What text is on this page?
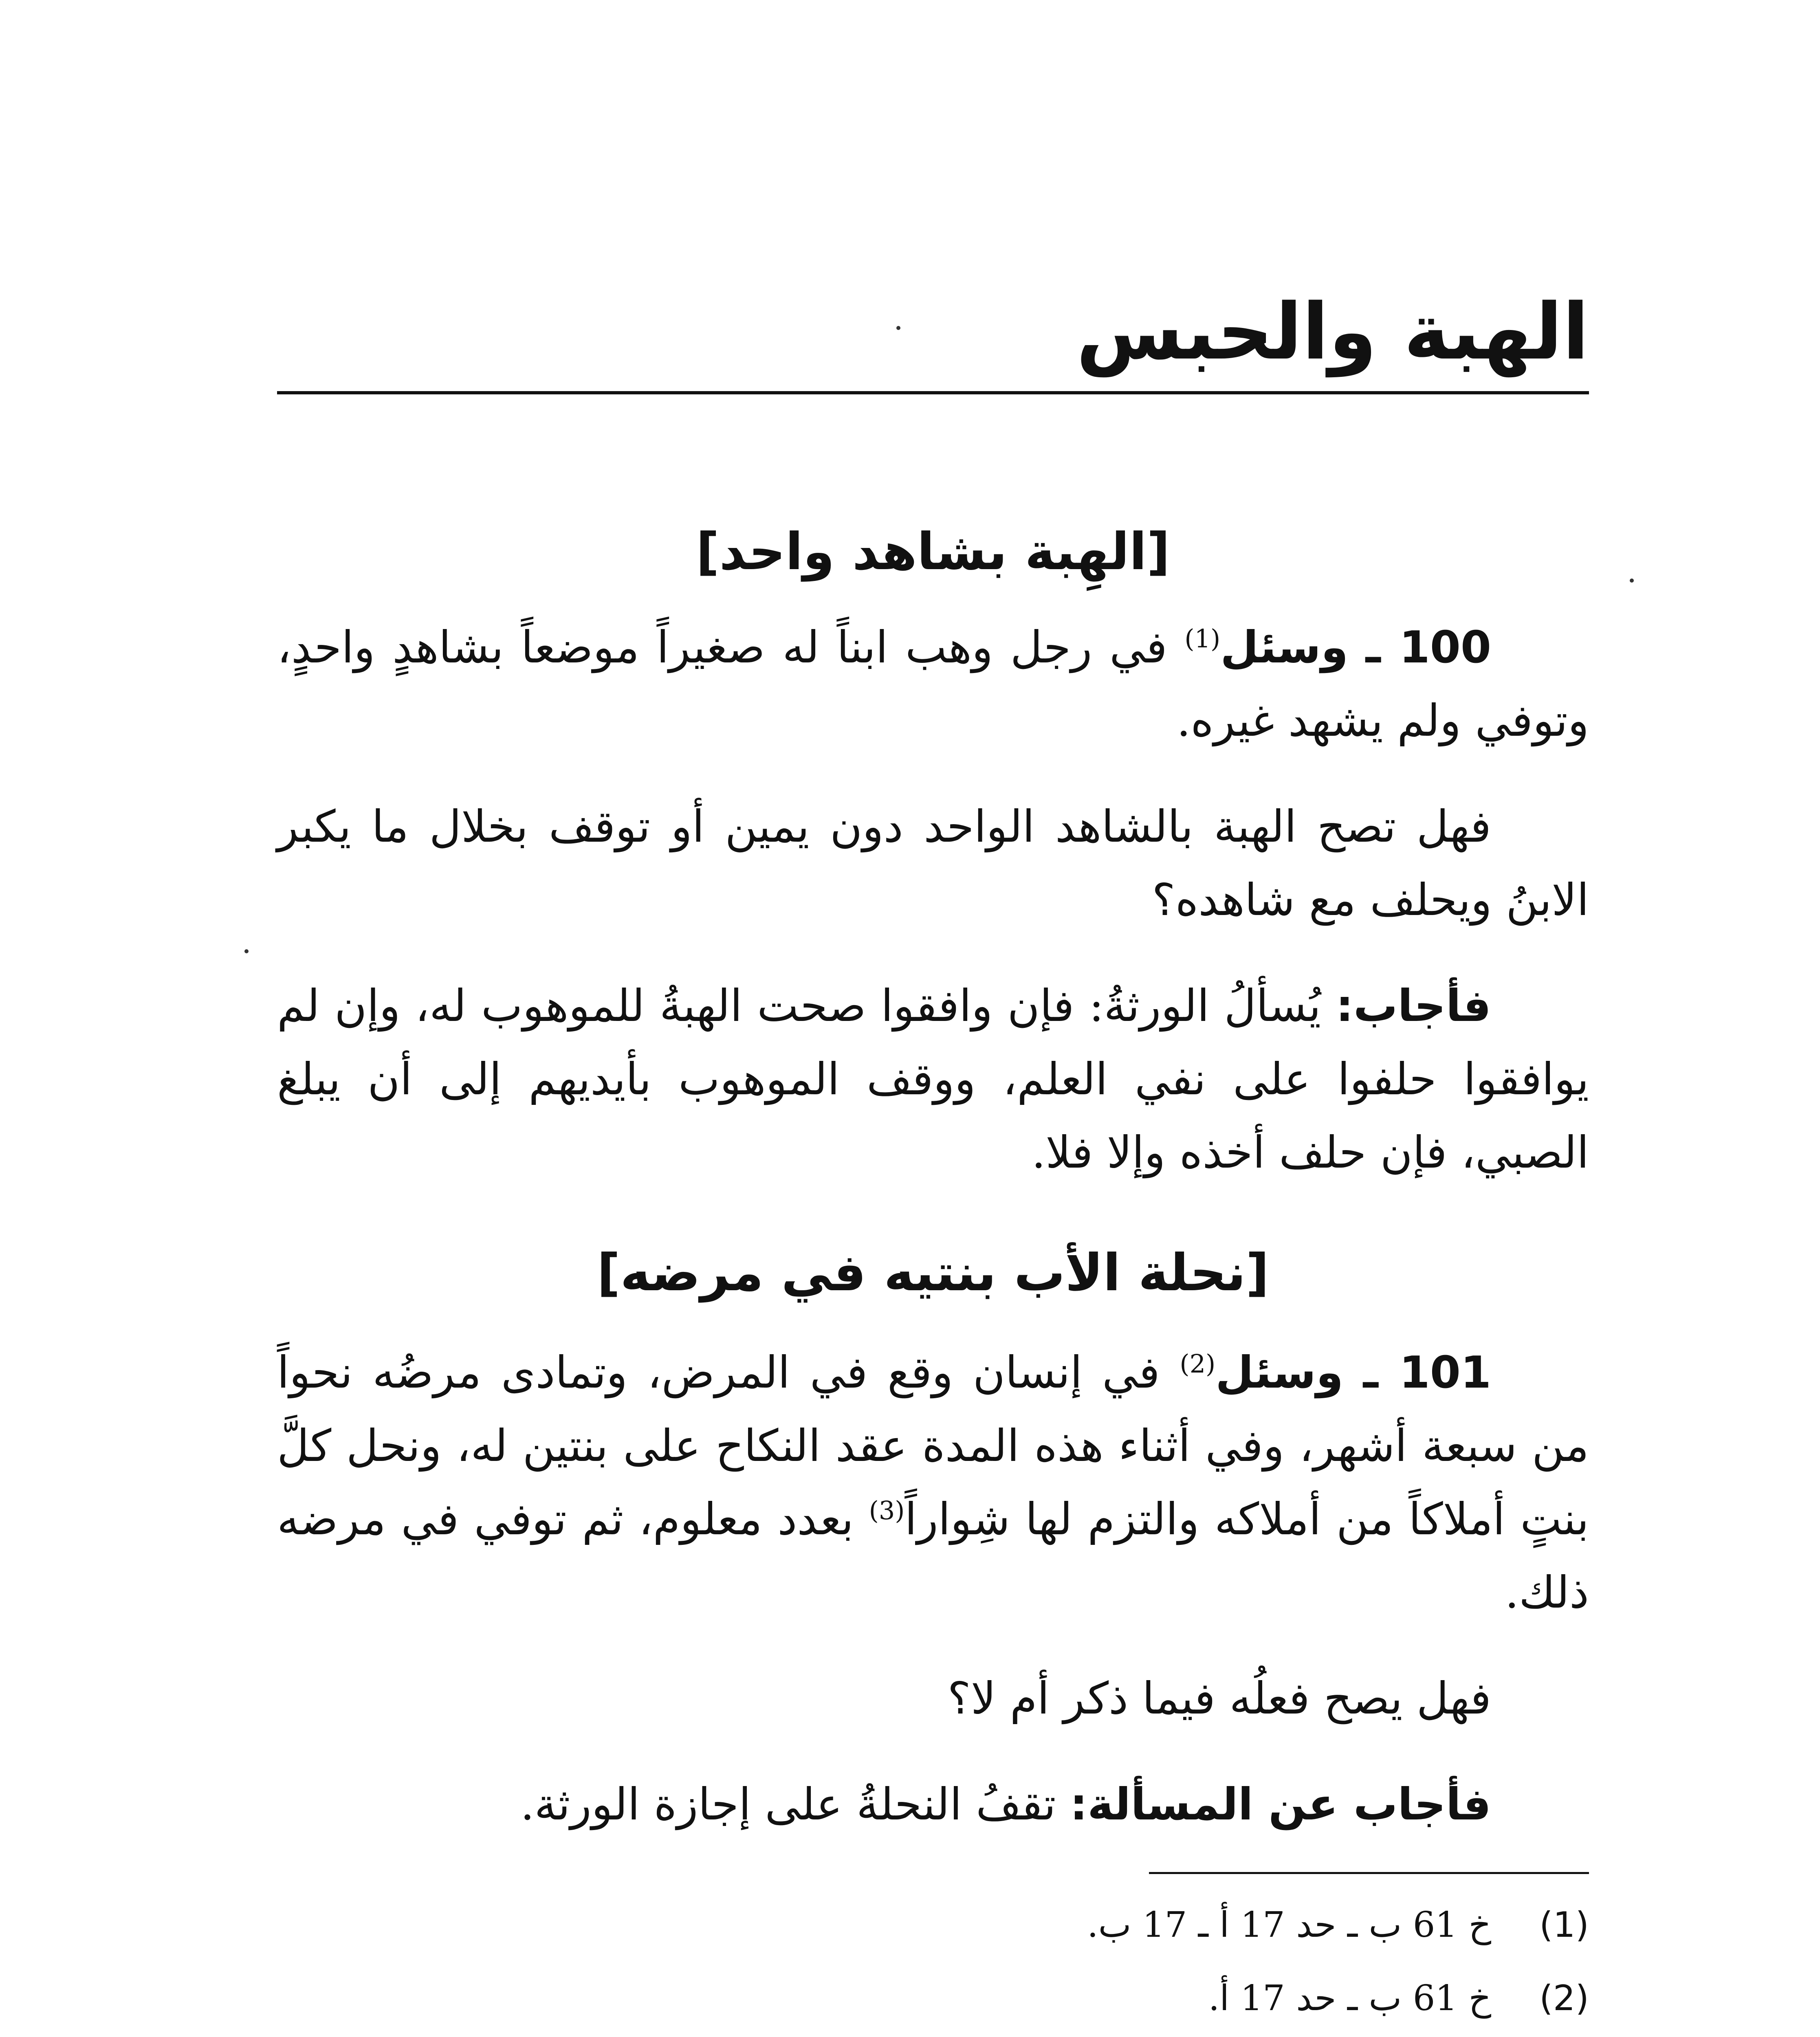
الهبة والحبس
[الهِبة بشاهد واحد]

100 ـ وسئل$^{(1)}$ في رجل وهب ابناً له صغيراً موضعاً بشاهدٍ واحدٍ، وتوفي ولم يشهد غيره.

فهل تصح الهبة بالشاهد الواحد دون يمين أو توقف بخلال ما يكبر الابنُ ويحلف مع شاهده؟

فأجاب: يُسألُ الورثةُ: فإن وافقوا صحت الهبةُ للموهوب له، وإن لم يوافقوا حلفوا على نفي العلم، ووقف الموهوب بأيديهم إلى أن يبلغ الصبي، فإن حلف أخذه وإلا فلا.

[نحلة الأب بنتيه في مرضه]

101 ـ وسئل$^{(2)}$ في إنسان وقع في المرض، وتمادى مرضُه نحواً من سبعة أشهر، وفي أثناء هذه المدة عقد النكاح على بنتين له، ونحل كلَّ بنتٍ أملاكاً من أملاكه والتزم لها شِواراً$^{(3)}$ بعدد معلوم، ثم توفي في مرضه ذلك.

فهل يصح فعلُه فيما ذكر أم لا؟

فأجاب عن المسألة: تقفُ النحلةُ على إجازة الورثة.

(1)خ 61 ب ـ حد 17 أ ـ 17 ب.
(2)خ 61 ب ـ حد 17 أ.
